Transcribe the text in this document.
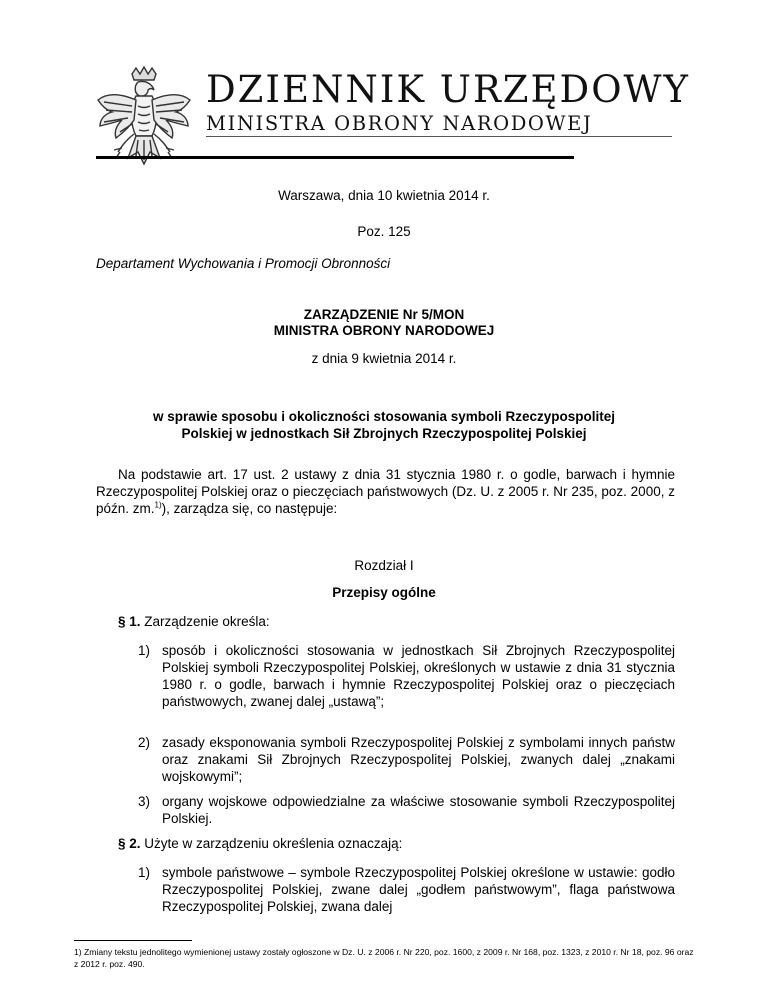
DZIENNIK URZĘDOWY
MINISTRA OBRONY NARODOWEJ
Warszawa, dnia 10 kwietnia 2014 r.
Poz. 125
Departament Wychowania i Promocji Obronności
ZARZĄDZENIE Nr 5/MON
MINISTRA OBRONY NARODOWEJ
z dnia 9 kwietnia 2014 r.
w sprawie sposobu i okoliczności stosowania symboli Rzeczypospolitej
Polskiej w jednostkach Sił Zbrojnych Rzeczypospolitej Polskiej
Na podstawie art. 17 ust. 2 ustawy z dnia 31 stycznia 1980 r. o godle, barwach i hymnie Rzeczypospolitej Polskiej oraz o pieczęciach państwowych (Dz. U. z 2005 r. Nr 235, poz. 2000, z późn. zm.$^{1)}$), zarządza się, co następuje:
Rozdział I
Przepisy ogólne
§ 1. Zarządzenie określa:
1) sposób i okoliczności stosowania w jednostkach Sił Zbrojnych Rzeczypospolitej Polskiej symboli Rzeczypospolitej Polskiej, określonych w ustawie z dnia 31 stycznia 1980 r. o godle, barwach i hymnie Rzeczypospolitej Polskiej oraz o pieczęciach państwowych, zwanej dalej „ustawą”;
2) zasady eksponowania symboli Rzeczypospolitej Polskiej z symbolami innych państw oraz znakami Sił Zbrojnych Rzeczypospolitej Polskiej, zwanych dalej „znakami wojskowymi”;
3) organy wojskowe odpowiedzialne za właściwe stosowanie symboli Rzeczypospolitej Polskiej.
§ 2. Użyte w zarządzeniu określenia oznaczają:
1) symbole państwowe – symbole Rzeczypospolitej Polskiej określone w ustawie: godło Rzeczypospolitej Polskiej, zwane dalej „godłem państwowym”, flaga państwowa Rzeczypospolitej Polskiej, zwana dalej
1) Zmiany tekstu jednolitego wymienionej ustawy zostały ogłoszone w Dz. U. z 2006 r. Nr 220, poz. 1600, z 2009 r. Nr 168, poz. 1323, z 2010 r. Nr 18, poz. 96 oraz z 2012 r. poz. 490.
